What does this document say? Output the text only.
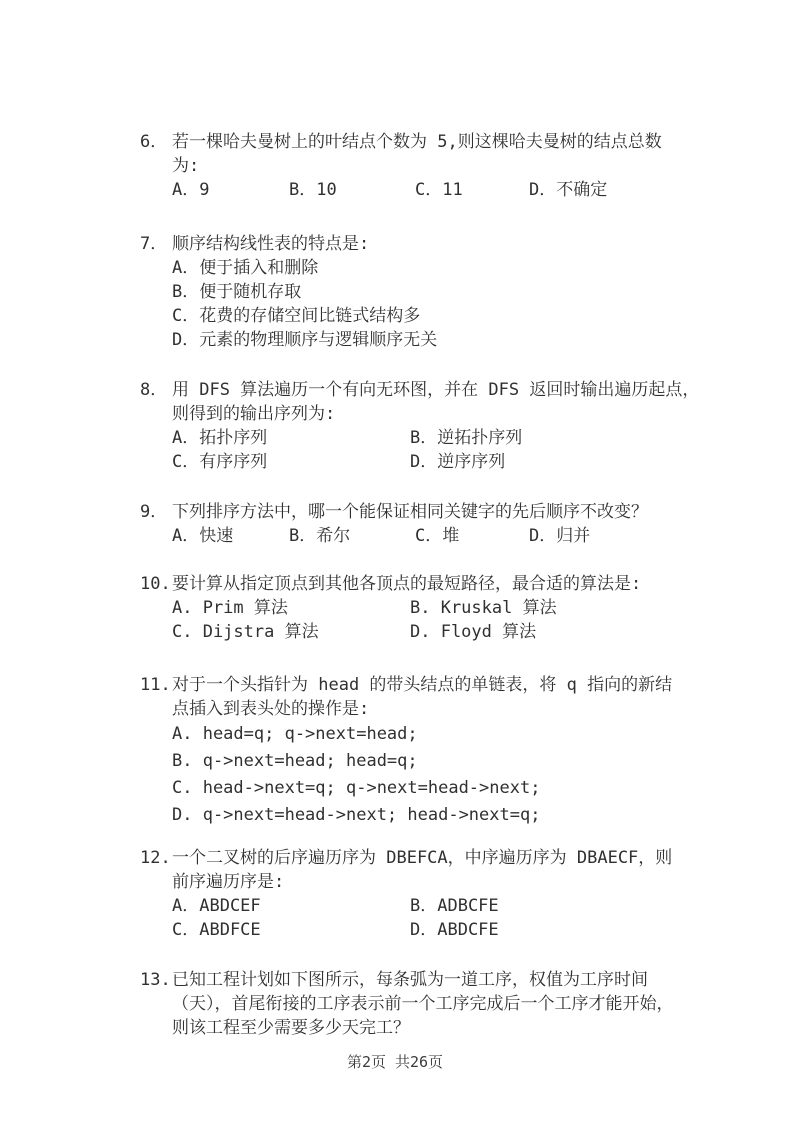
6． 若一棵哈夫曼树上的叶结点个数为 5,则这棵哈夫曼树的结点总数
为:
A．9	B．10	C．11	D．不确定
7． 顺序结构线性表的特点是:
A．便于插入和删除
B．便于随机存取
C．花费的存储空间比链式结构多
D．元素的物理顺序与逻辑顺序无关
8． 用 DFS 算法遍历一个有向无环图，并在 DFS 返回时输出遍历起点，
则得到的输出序列为:
A．拓扑序列	B．逆拓扑序列
C．有序序列	D．逆序序列
9． 下列排序方法中，哪一个能保证相同关键字的先后顺序不改变？
A．快速	B．希尔	C．堆	D．归并
10. 要计算从指定顶点到其他各顶点的最短路径，最合适的算法是:
A. Prim 算法	B. Kruskal 算法
C. Dijstra 算法	D. Floyd 算法
11. 对于一个头指针为 head 的带头结点的单链表，将 q 指向的新结
点插入到表头处的操作是:
A. head=q; q->next=head;
B. q->next=head; head=q;
C. head->next=q; q->next=head->next;
D. q->next=head->next; head->next=q;
12. 一个二叉树的后序遍历序为 DBEFCA，中序遍历序为 DBAECF，则
前序遍历序是:
A．ABDCEF	B．ADBCFE
C．ABDFCE	D．ABDCFE
13. 已知工程计划如下图所示，每条弧为一道工序，权值为工序时间
（天），首尾衔接的工序表示前一个工序完成后一个工序才能开始，
则该工程至少需要多少天完工？
第2页 共26页
